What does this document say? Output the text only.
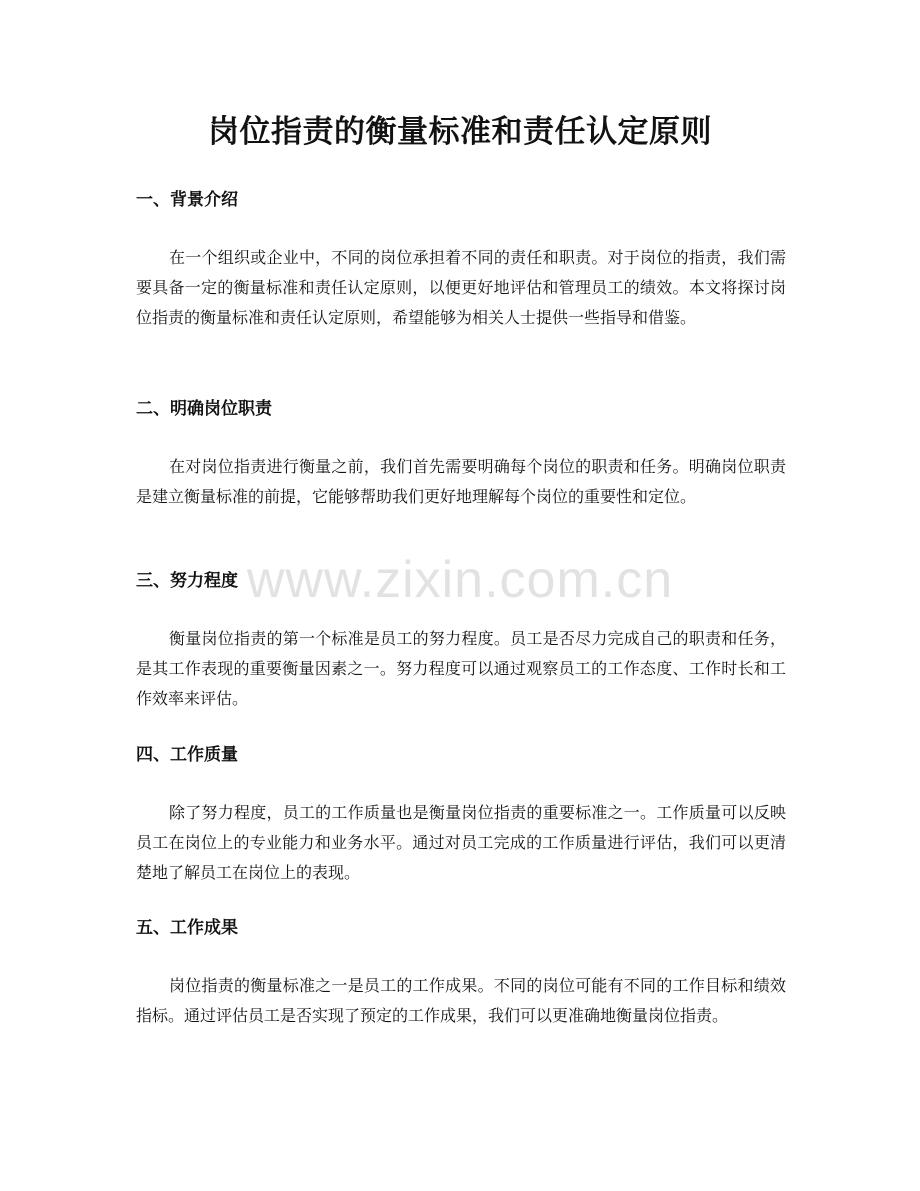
岗位指责的衡量标准和责任认定原则
一、背景介绍

在一个组织或企业中，不同的岗位承担着不同的责任和职责。对于岗位的指责，我们需要具备一定的衡量标准和责任认定原则，以便更好地评估和管理员工的绩效。本文将探讨岗位指责的衡量标准和责任认定原则，希望能够为相关人士提供一些指导和借鉴。

二、明确岗位职责

在对岗位指责进行衡量之前，我们首先需要明确每个岗位的职责和任务。明确岗位职责是建立衡量标准的前提，它能够帮助我们更好地理解每个岗位的重要性和定位。

三、努力程度

衡量岗位指责的第一个标准是员工的努力程度。员工是否尽力完成自己的职责和任务，是其工作表现的重要衡量因素之一。努力程度可以通过观察员工的工作态度、工作时长和工作效率来评估。

四、工作质量

除了努力程度，员工的工作质量也是衡量岗位指责的重要标准之一。工作质量可以反映员工在岗位上的专业能力和业务水平。通过对员工完成的工作质量进行评估，我们可以更清楚地了解员工在岗位上的表现。

五、工作成果

岗位指责的衡量标准之一是员工的工作成果。不同的岗位可能有不同的工作目标和绩效指标。通过评估员工是否实现了预定的工作成果，我们可以更准确地衡量岗位指责。

www.zixin.com.cn
